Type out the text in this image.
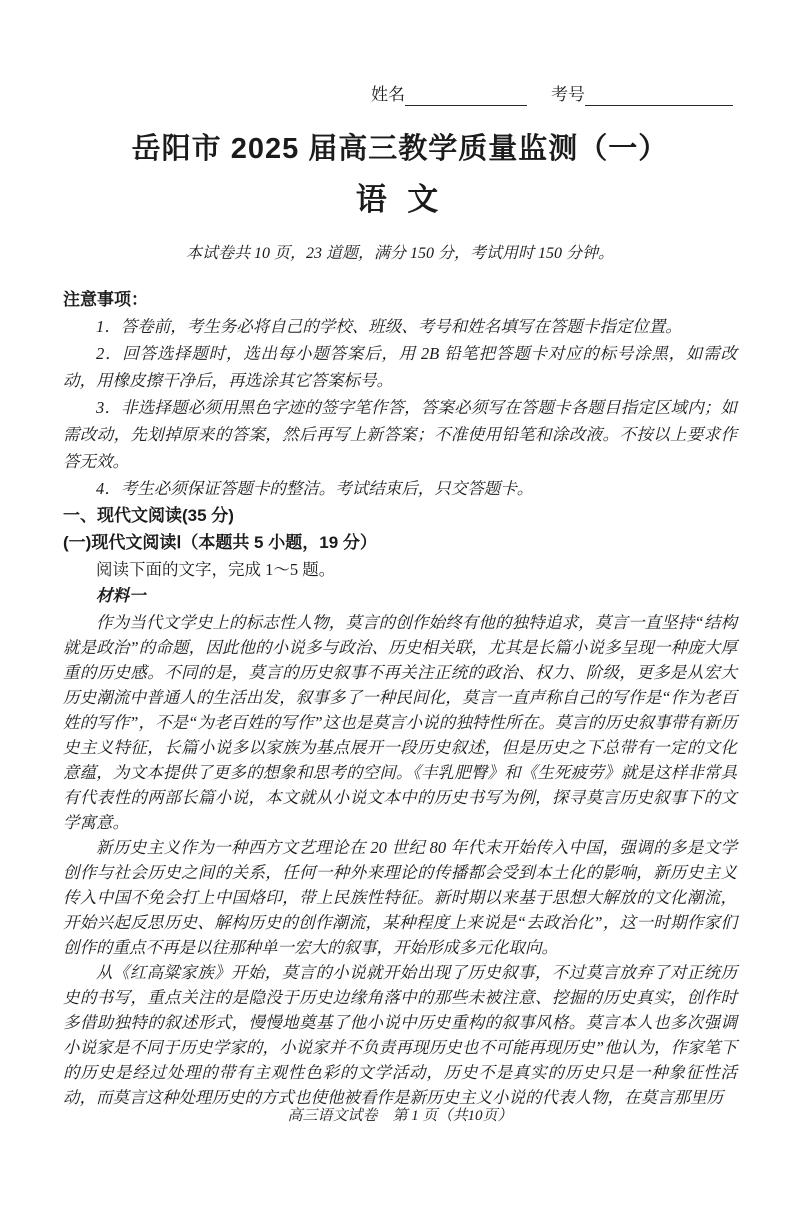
姓名	考号
岳阳市 2025 届高三教学质量监测（一）
语 文
本试卷共 10 页，23 道题，满分 150 分，考试用时 150 分钟。
注意事项：

1．答卷前，考生务必将自己的学校、班级、考号和姓名填写在答题卡指定位置。

2．回答选择题时，选出每小题答案后，用 2B 铅笔把答题卡对应的标号涂黑，如需改动，用橡皮擦干净后，再选涂其它答案标号。

3．非选择题必须用黑色字迹的签字笔作答，答案必须写在答题卡各题目指定区域内；如需改动，先划掉原来的答案，然后再写上新答案；不准使用铅笔和涂改液。不按以上要求作答无效。

4．考生必须保证答题卡的整洁。考试结束后，只交答题卡。

一、现代文阅读(35 分)

(一)现代文阅读Ⅰ（本题共 5 小题，19 分）

阅读下面的文字，完成 1～5 题。

材料一

作为当代文学史上的标志性人物，莫言的创作始终有他的独特追求，莫言一直坚持“结构就是政治”的命题，因此他的小说多与政治、历史相关联，尤其是长篇小说多呈现一种庞大厚重的历史感。不同的是，莫言的历史叙事不再关注正统的政治、权力、阶级，更多是从宏大历史潮流中普通人的生活出发，叙事多了一种民间化，莫言一直声称自己的写作是“作为老百姓的写作”，不是“为老百姓的写作”这也是莫言小说的独特性所在。莫言的历史叙事带有新历史主义特征，长篇小说多以家族为基点展开一段历史叙述，但是历史之下总带有一定的文化意蕴，为文本提供了更多的想象和思考的空间。《丰乳肥臀》和《生死疲劳》就是这样非常具有代表性的两部长篇小说，本文就从小说文本中的历史书写为例，探寻莫言历史叙事下的文学寓意。

新历史主义作为一种西方文艺理论在 20 世纪 80 年代末开始传入中国，强调的多是文学创作与社会历史之间的关系，任何一种外来理论的传播都会受到本土化的影响，新历史主义传入中国不免会打上中国烙印，带上民族性特征。新时期以来基于思想大解放的文化潮流，开始兴起反思历史、解构历史的创作潮流，某种程度上来说是“去政治化”，这一时期作家们创作的重点不再是以往那种单一宏大的叙事，开始形成多元化取向。

从《红高粱家族》开始，莫言的小说就开始出现了历史叙事，不过莫言放弃了对正统历史的书写，重点关注的是隐没于历史边缘角落中的那些未被注意、挖掘的历史真实，创作时多借助独特的叙述形式，慢慢地奠基了他小说中历史重构的叙事风格。莫言本人也多次强调小说家是不同于历史学家的，小说家并不负责再现历史也不可能再现历史”他认为，作家笔下的历史是经过处理的带有主观性色彩的文学活动，历史不是真实的历史只是一种象征性活动，而莫言这种处理历史的方式也使他被看作是新历史主义小说的代表人物，在莫言那里历

高三语文试卷　第 1 页（共10页）
